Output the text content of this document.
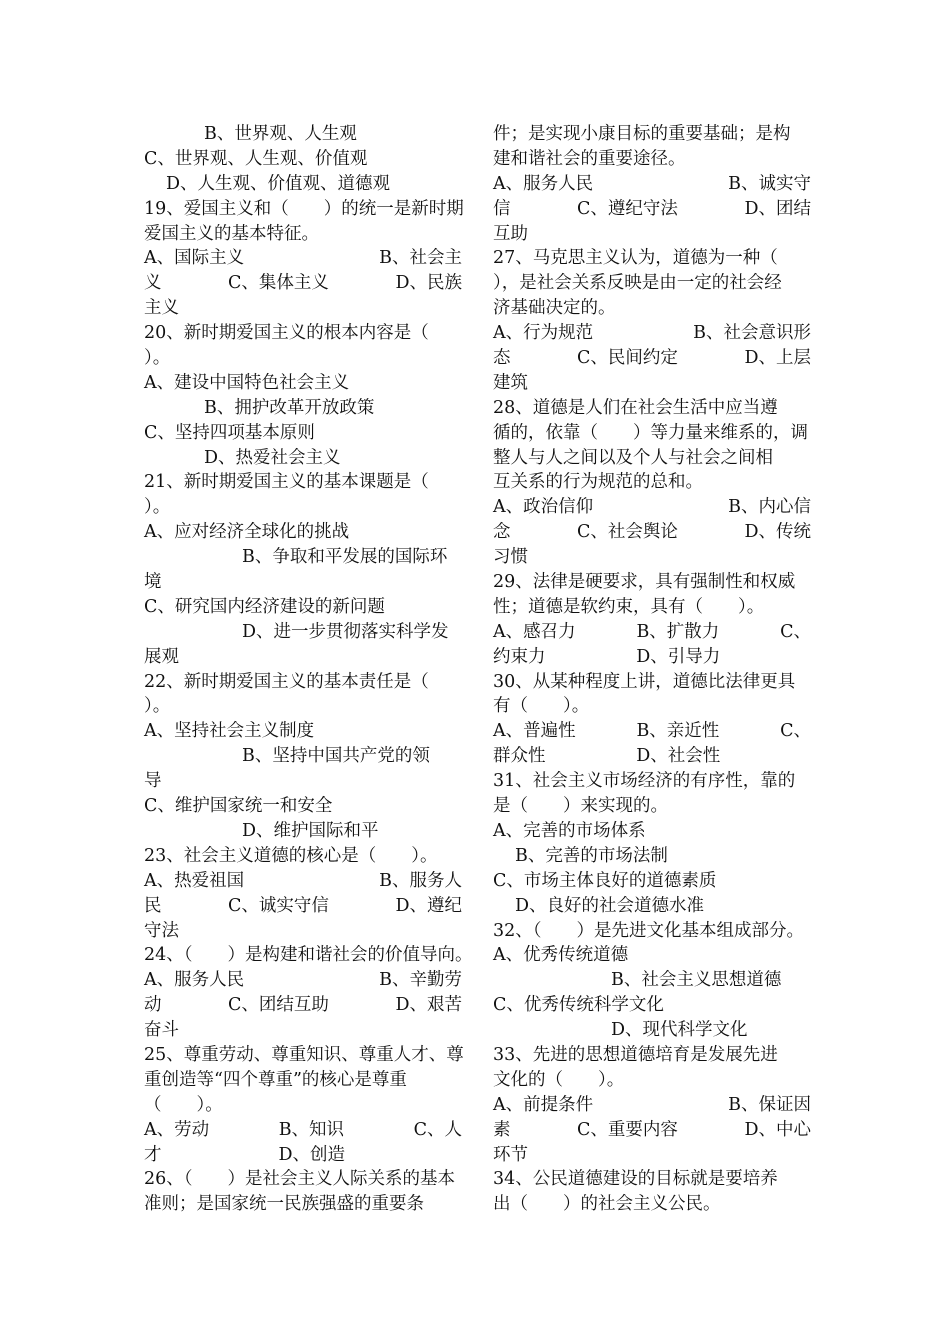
B、世界观、人生观
C、世界观、人生观、价值观
D、人生观、价值观、道德观
19、爱国主义和（　　）的统一是新时期
爱国主义的基本特征。
A、国际主义	B、社会主
义	C、集体主义	D、民族
主义
20、新时期爱国主义的根本内容是（
）。
A、建设中国特色社会主义
B、拥护改革开放政策
C、坚持四项基本原则
D、热爱社会主义
21、新时期爱国主义的基本课题是（
）。
A、应对经济全球化的挑战
B、争取和平发展的国际环
境
C、研究国内经济建设的新问题
D、进一步贯彻落实科学发
展观
22、新时期爱国主义的基本责任是（
）。
A、坚持社会主义制度
B、坚持中国共产党的领
导
C、维护国家统一和安全
D、维护国际和平
23、社会主义道德的核心是（　　）。
A、热爱祖国	B、服务人
民	C、诚实守信	D、遵纪
守法
24、（　　）是构建和谐社会的价值导向。
A、服务人民	B、辛勤劳
动	C、团结互助	D、艰苦
奋斗
25、尊重劳动、尊重知识、尊重人才、尊
重创造等“四个尊重”的核心是尊重
（　　）。
A、劳动	B、知识	C、人
才	D、创造
26、（　　）是社会主义人际关系的基本
准则；是国家统一民族强盛的重要条
件；是实现小康目标的重要基础；是构
建和谐社会的重要途径。
A、服务人民	B、诚实守
信	C、遵纪守法	D、团结
互助
27、马克思主义认为，道德为一种（
），是社会关系反映是由一定的社会经
济基础决定的。
A、行为规范	B、社会意识形
态	C、民间约定	D、上层
建筑
28、道德是人们在社会生活中应当遵
循的，依靠（　　）等力量来维系的，调
整人与人之间以及个人与社会之间相
互关系的行为规范的总和。
A、政治信仰	B、内心信
念	C、社会舆论	D、传统
习惯
29、法律是硬要求，具有强制性和权威
性；道德是软约束，具有（　　）。
A、感召力	B、扩散力	C、
约束力	D、引导力
30、从某种程度上讲，道德比法律更具
有（　　）。
A、普遍性	B、亲近性	C、
群众性	D、社会性
31、社会主义市场经济的有序性，靠的
是（　　）来实现的。
A、完善的市场体系
B、完善的市场法制
C、市场主体良好的道德素质
D、良好的社会道德水准
32、（　　）是先进文化基本组成部分。
A、优秀传统道德
B、社会主义思想道德
C、优秀传统科学文化
D、现代科学文化
33、先进的思想道德培育是发展先进
文化的（　　）。
A、前提条件	B、保证因
素	C、重要内容	D、中心
环节
34、公民道德建设的目标就是要培养
出（　　）的社会主义公民。
